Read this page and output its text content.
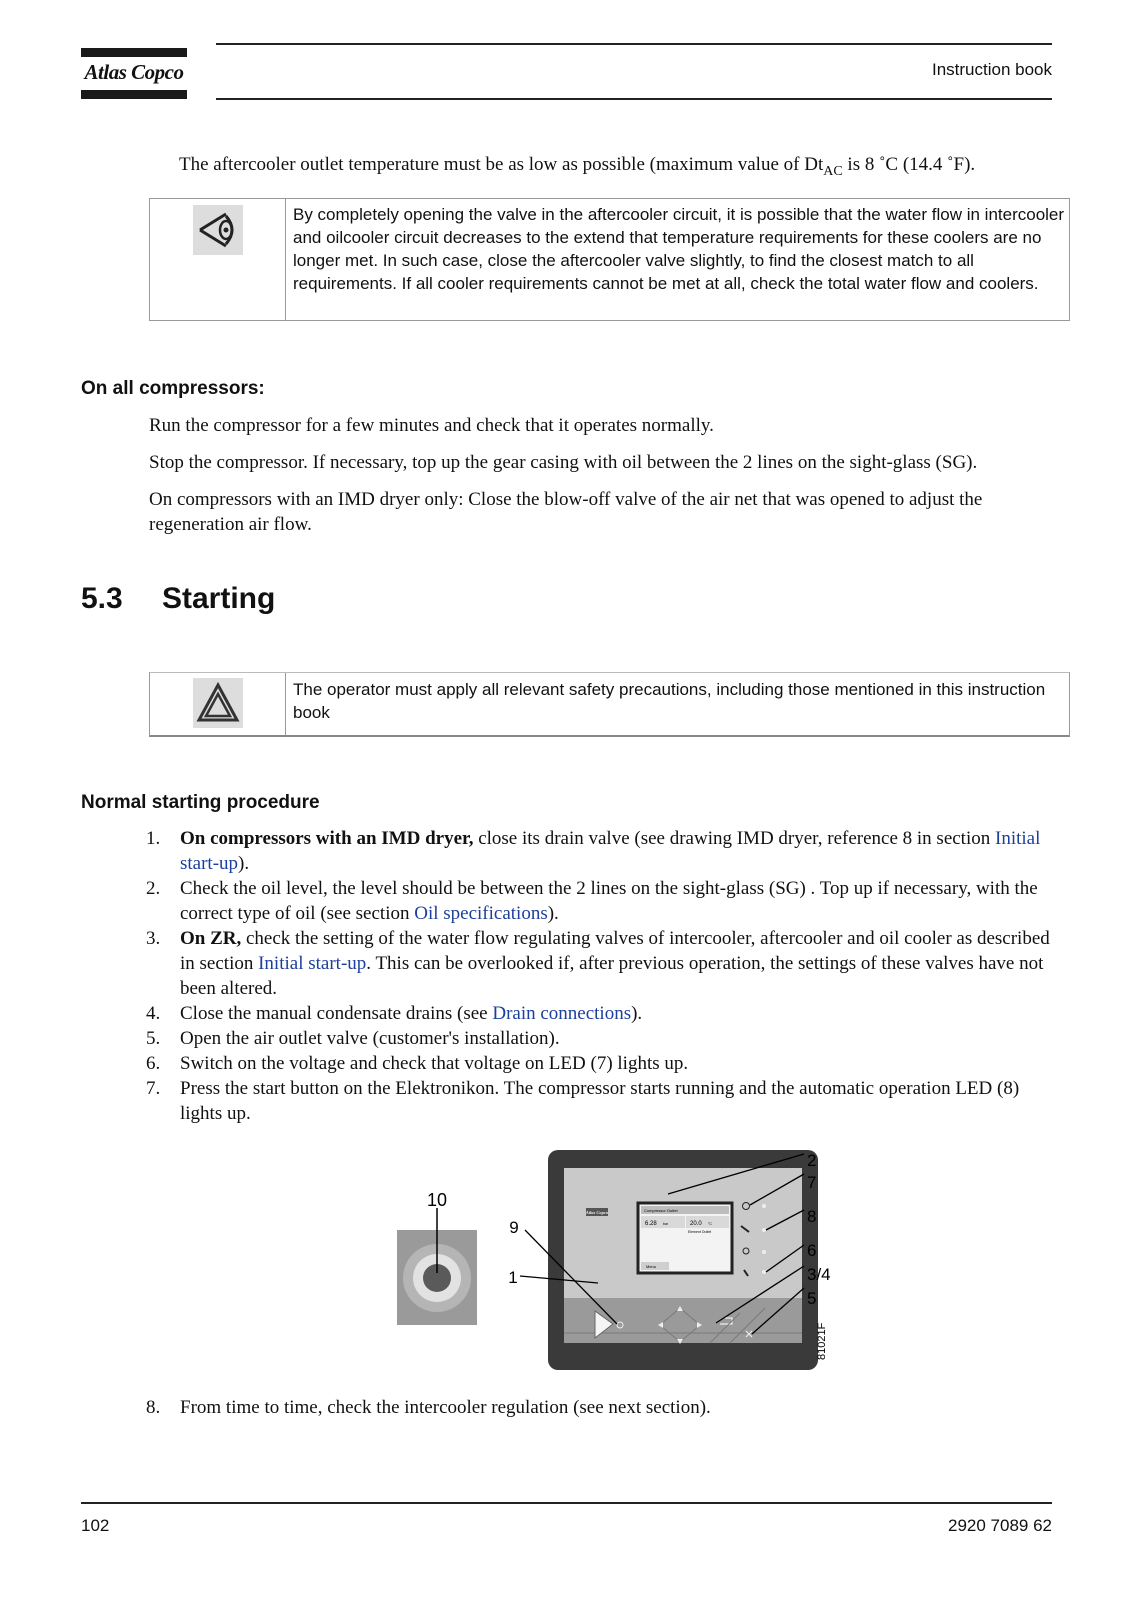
Atlas Copco	Instruction book

The aftercooler outlet temperature must be as low as possible (maximum value of $Dt_{AC}$ is 8 ˚C (14.4 ˚F).

By completely opening the valve in the aftercooler circuit, it is possible that the water flow in intercooler and oilcooler circuit decreases to the extend that temperature requirements for these coolers are no longer met. In such case, close the aftercooler valve slightly, to find the closest match to all requirements. If all cooler requirements cannot be met at all, check the total water flow and coolers.
On all compressors:

Run the compressor for a few minutes and check that it operates normally.

Stop the compressor. If necessary, top up the gear casing with oil between the 2 lines on the sight-glass (SG).

On compressors with an IMD dryer only: Close the blow-off valve of the air net that was opened to adjust the regeneration air flow.

5.3 Starting
The operator must apply all relevant safety precautions, including those mentioned in this instruction book
Normal starting procedure
1. On compressors with an IMD dryer, close its drain valve (see drawing IMD dryer, reference 8 in section Initial start-up).
2. Check the oil level, the level should be between the 2 lines on the sight-glass (SG) . Top up if necessary, with the correct type of oil (see section Oil specifications).
3. On ZR, check the setting of the water flow regulating valves of intercooler, aftercooler and oil cooler as described in section Initial start-up. This can be overlooked if, after previous operation, the settings of these valves have not been altered.
4. Close the manual condensate drains (see Drain connections).
5. Open the air outlet valve (customer's installation).
6. Switch on the voltage and check that voltage on LED (7) lights up.
7. Press the start button on the Elektronikon. The compressor starts running and the automatic operation LED (8) lights up.
10
Compressor Outlet
6.28 bar	20.0 °C
Element Outlet
Menu
Atlas Copco
9
1
2
7
8
6
3/4
5
81021F
8. From time to time, check the intercooler regulation (see next section).
102	2920 7089 62
